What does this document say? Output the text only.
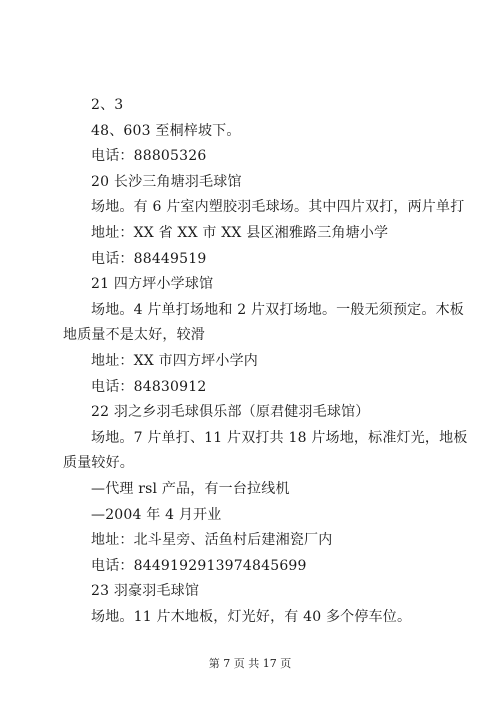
2、3
48、603 至桐梓坡下。
电话：88805326
20 长沙三角塘羽毛球馆
场地。有 6 片室内塑胶羽毛球场。其中四片双打，两片单打
地址：XX 省 XX 市 XX 县区湘雅路三角塘小学
电话：88449519
21 四方坪小学球馆
场地。4 片单打场地和 2 片双打场地。一般无须预定。木板
地质量不是太好，较滑
地址：XX 市四方坪小学内
电话：84830912
22 羽之乡羽毛球俱乐部（原君健羽毛球馆）
场地。7 片单打、11 片双打共 18 片场地，标准灯光，地板
质量较好。
—代理 rsl 产品，有一台拉线机
—2004 年 4 月开业
地址：北斗星旁、活鱼村后建湘瓷厂内
电话：8449192913974845699
23 羽豪羽毛球馆
场地。11 片木地板，灯光好，有 40 多个停车位。
第 7 页 共 17 页
